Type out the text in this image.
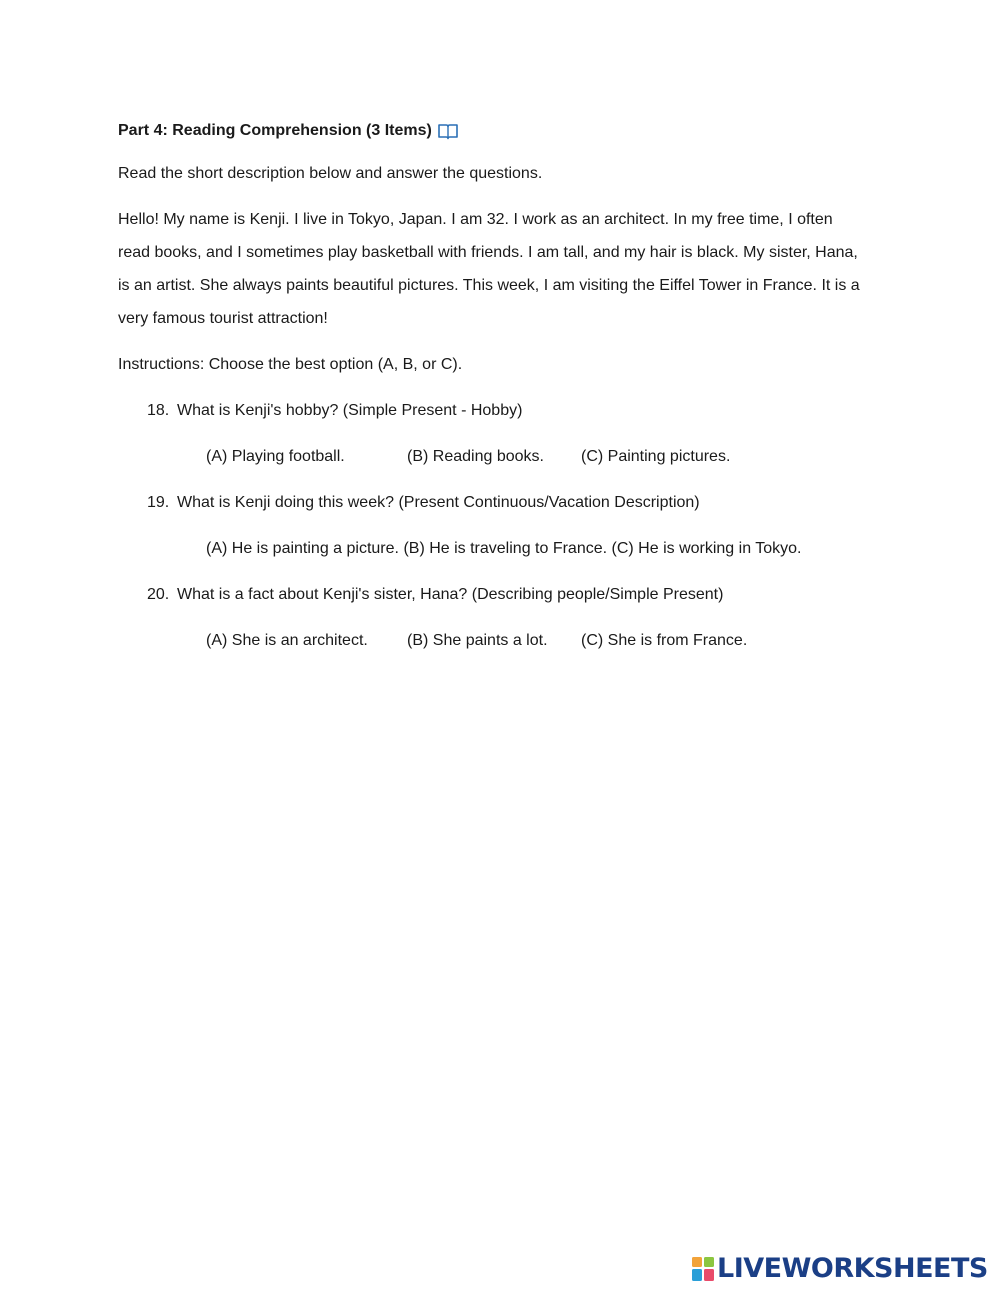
Part 4: Reading Comprehension (3 Items)
Read the short description below and answer the questions.
Hello! My name is Kenji. I live in Tokyo, Japan. I am 32. I work as an architect. In my free time, I often
read books, and I sometimes play basketball with friends. I am tall, and my hair is black. My sister, Hana,
is an artist. She always paints beautiful pictures. This week, I am visiting the Eiffel Tower in France. It is a
very famous tourist attraction!
Instructions: Choose the best option (A, B, or C).
18. What is Kenji's hobby? (Simple Present - Hobby)
(A) Playing football.	(B) Reading books.	(C) Painting pictures.
19. What is Kenji doing this week? (Present Continuous/Vacation Description)
(A) He is painting a picture.
(B) He is traveling to France.
(C) He is working in Tokyo.
20. What is a fact about Kenji's sister, Hana? (Describing people/Simple Present)
(A) She is an architect.	(B) She paints a lot.	(C) She is from France.
LIVEWORKSHEETS
